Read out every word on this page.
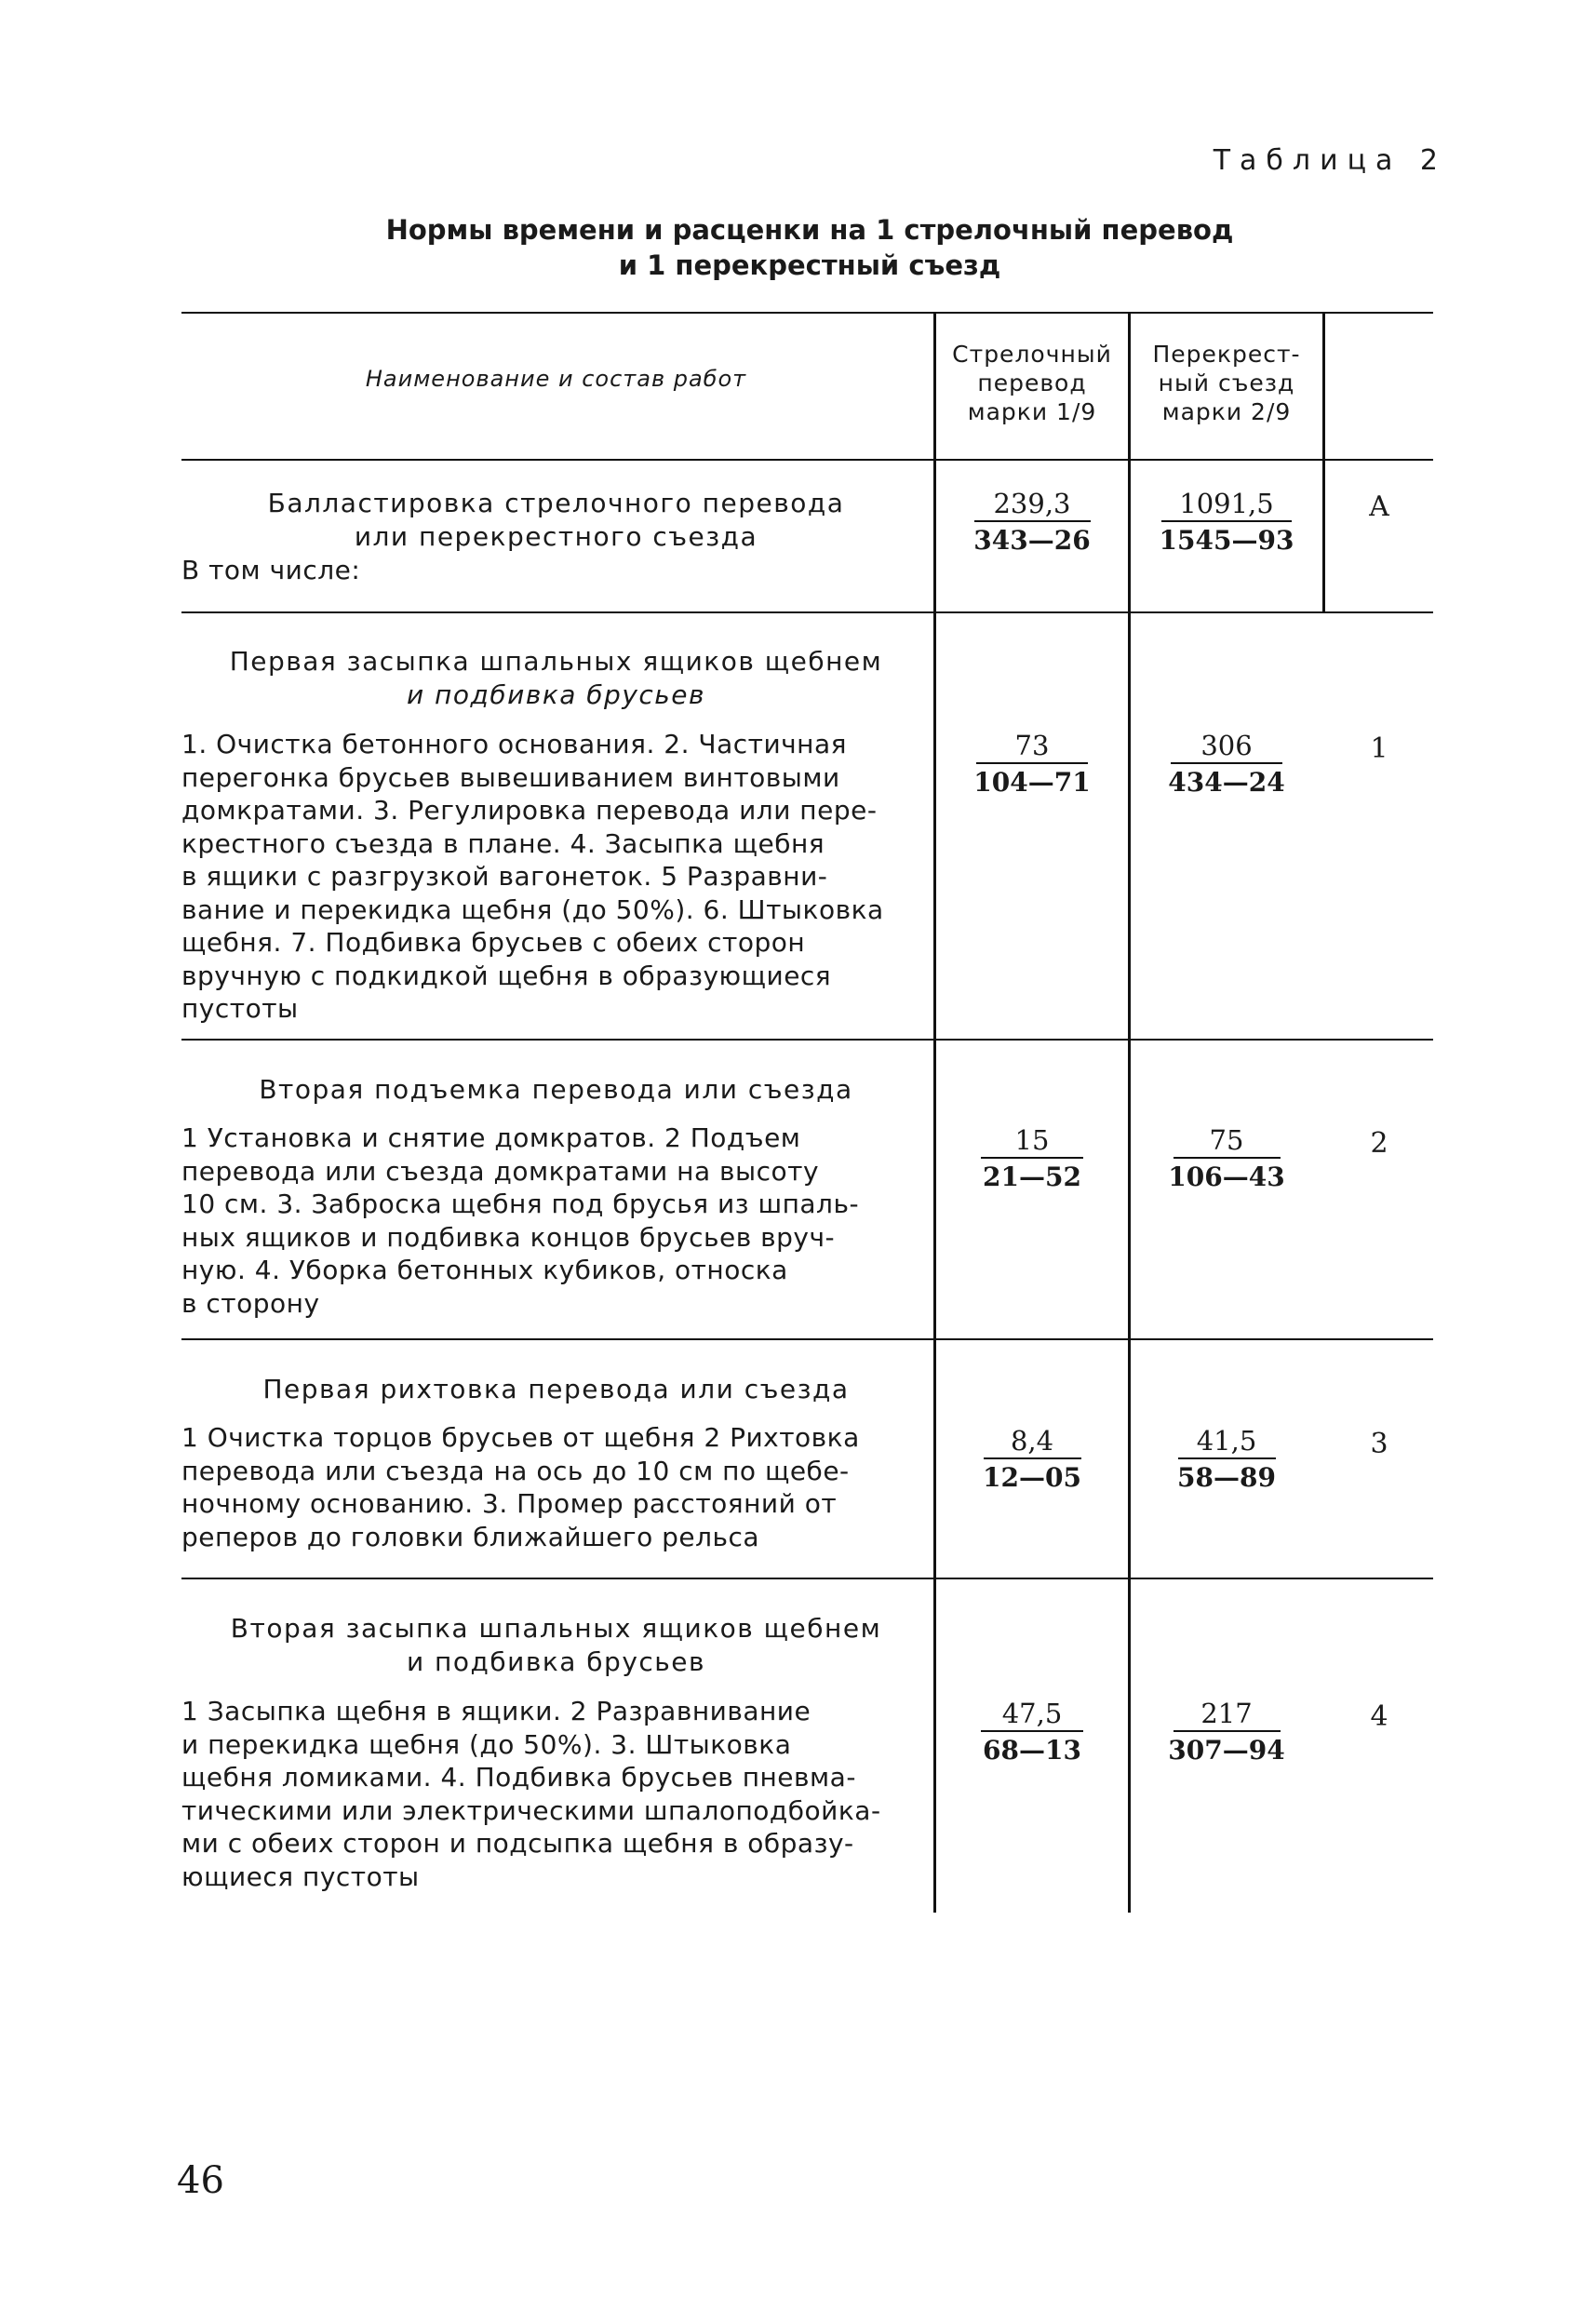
Таблица 2
Нормы времени и расценки на 1 стрелочный перевод
и 1 перекрестный съезд
Наименование и состав работ
Стрелочный
перевод
марки 1/9
Перекрест-
ный съезд
марки 2/9
Балластировка стрелочного перевода
или перекрестного съезда
В том числе:
239,3
343—26
1091,5
1545—93
А
Первая засыпка шпальных ящиков щебнем
и подбивка брусьев
1. Очистка бетонного основания. 2. Частичная
перегонка брусьев вывешиванием винтовыми
домкратами. 3. Регулировка перевода или пере-
крестного съезда в плане. 4. Засыпка щебня
в ящики с разгрузкой вагонеток. 5 Разравни-
вание и перекидка щебня (до 50%). 6. Штыковка
щебня. 7. Подбивка брусьев с обеих сторон
вручную с подкидкой щебня в образующиеся
пустоты
73
104—71
306
434—24
1
Вторая подъемка перевода или съезда
1 Установка и снятие домкратов. 2 Подъем
перевода или съезда домкратами на высоту
10 см. 3. Заброска щебня под брусья из шпаль-
ных ящиков и подбивка концов брусьев вруч-
ную. 4. Уборка бетонных кубиков, относка
в сторону
15
21—52
75
106—43
2
Первая рихтовка перевода или съезда
1 Очистка торцов брусьев от щебня 2 Рихтовка
перевода или съезда на ось до 10 см по щебе-
ночному основанию. 3. Промер расстояний от
реперов до головки ближайшего рельса
8,4
12—05
41,5
58—89
3
Вторая засыпка шпальных ящиков щебнем
и подбивка брусьев
1 Засыпка щебня в ящики. 2 Разравнивание
и перекидка щебня (до 50%). 3. Штыковка
щебня ломиками. 4. Подбивка брусьев пневма-
тическими или электрическими шпалоподбойка-
ми с обеих сторон и подсыпка щебня в образу-
ющиеся пустоты
47,5
68—13
217
307—94
4
46
